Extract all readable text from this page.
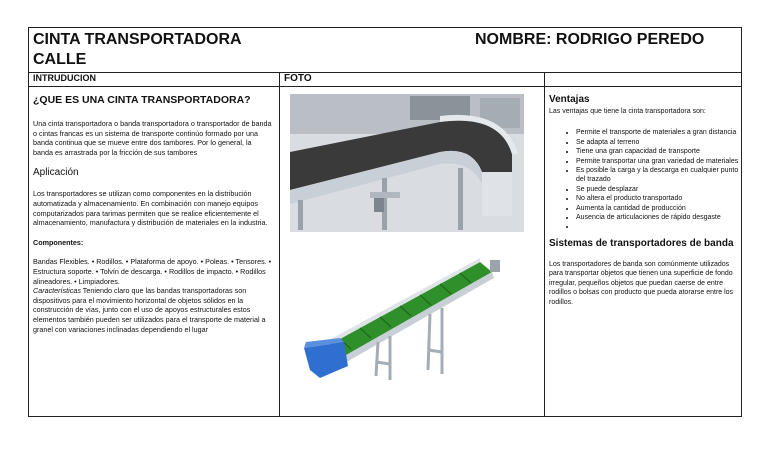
CINTA TRANSPORTADORA CALLE
NOMBRE: RODRIGO PEREDO
INTRUDUCION	FOTO
¿QUE ES UNA CINTA TRANSPORTADORA?

Una cinta transportadora o banda transportadora o transportador de banda o cintas francas es un sistema de transporte continúo formado por una banda continua que se mueve entre dos tambores. Por lo general, la banda es arrastrada por la fricción de sus tambores

Aplicación

Los transportadores se utilizan como componentes en la distribución automatizada y almacenamiento. En combinación con manejo equipos computarizados para tarimas permiten que se realice eficientemente el almacenamiento, manufactura y distribución de materiales en la industria.

Componentes:

Bandas Flexibles. • Rodillos. • Plataforma de apoyo. • Poleas. • Tensores. • Estructura soporte. • Tolvín de descarga. • Rodillos de impacto. • Rodillos alineadores. • Limpiadores.
Características Teniendo claro que las bandas transportadoras son dispositivos para el movimiento horizontal de objetos sólidos en la construcción de vías, junto con el uso de apoyos estructurales estos elementos también pueden ser utilizados para el transporte de material a granel con variaciones inclinadas dependiendo el lugar

Ventajas

Las ventajas que tiene la cinta transportadora son:

• Permite el transporte de materiales a gran distancia
• Se adapta al terreno
• Tiene una gran capacidad de transporte
• Permite transportar una gran variedad de materiales
• Es posible la carga y la descarga en cualquier punto del trazado
• Se puede desplazar
• No altera el producto transportado
• Aumenta la cantidad de producción
• Ausencia de articulaciones de rápido desgaste
•
Sistemas de transportadores de banda

Los transportadores de banda son comúnmente utilizados para transportar objetos que tienen una superficie de fondo irregular, pequeños objetos que puedan caerse de entre rodillos o bolsas con producto que pueda atorarse entre los rodillos.
